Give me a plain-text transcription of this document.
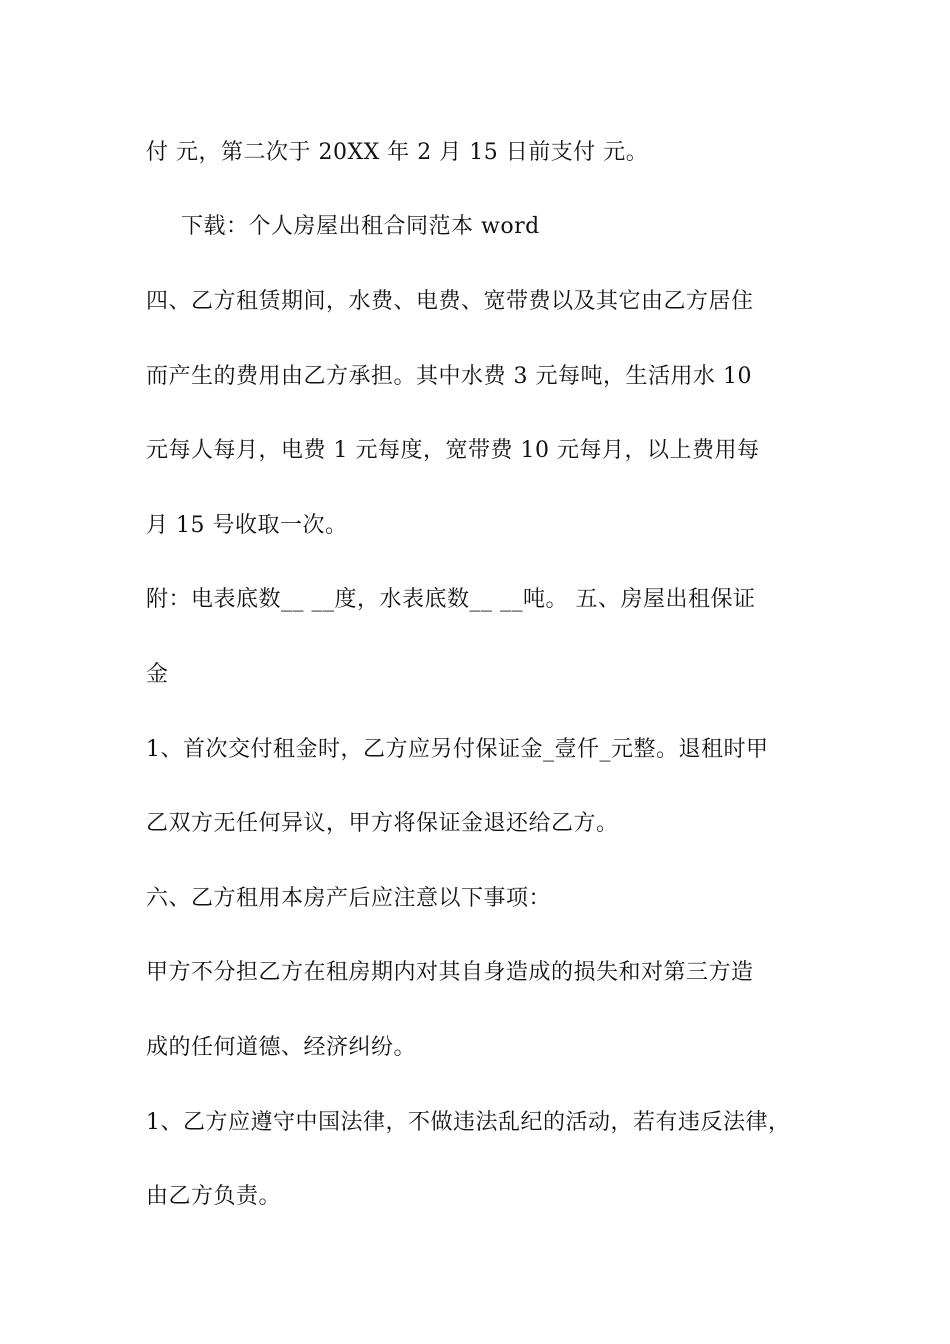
付 元，第二次于 20XX 年 2 月 15 日前支付 元。
下载：个人房屋出租合同范本 word
四、乙方租赁期间，水费、电费、宽带费以及其它由乙方居住
而产生的费用由乙方承担。其中水费 3 元每吨，生活用水 10
元每人每月，电费 1 元每度，宽带费 10 元每月，以上费用每
月 15 号收取一次。
附：电表底数__ __度，水表底数__ __吨。 五、房屋出租保证
金
1、首次交付租金时，乙方应另付保证金_壹仟_元整。退租时甲
乙双方无任何异议，甲方将保证金退还给乙方。
六、乙方租用本房产后应注意以下事项：
甲方不分担乙方在租房期内对其自身造成的损失和对第三方造
成的任何道德、经济纠纷。
1、乙方应遵守中国法律，不做违法乱纪的活动，若有违反法律，
由乙方负责。
